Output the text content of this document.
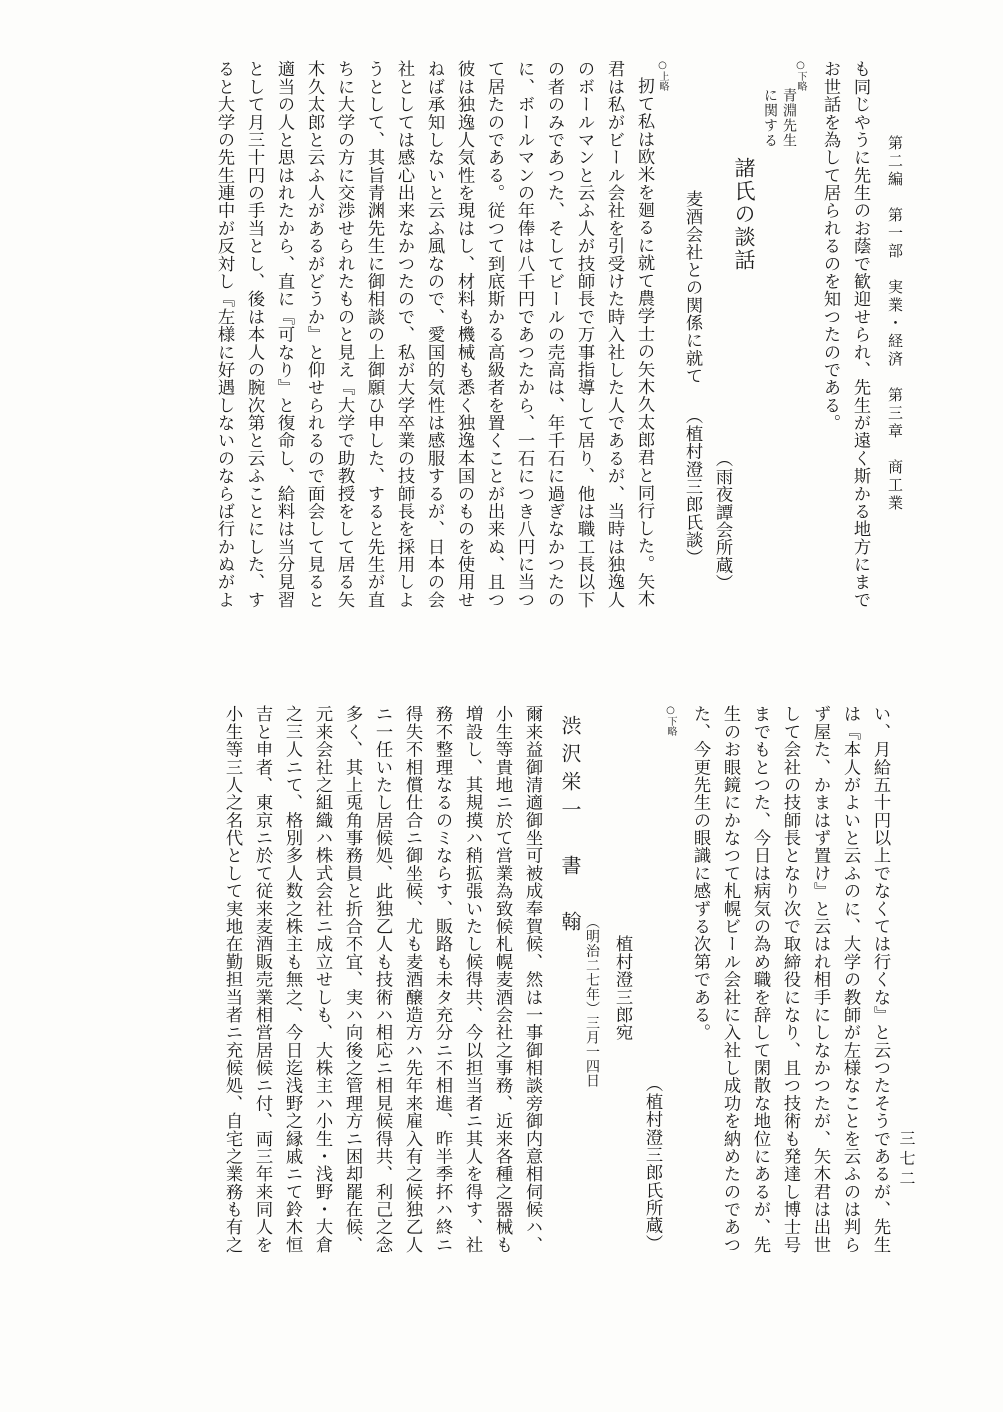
第二編　第一部　実業・経済　第三章　商工業
も同じやうに先生のお蔭で歓迎せられ、先生が遠く斯かる地方にまで
お世話を為して居られるのを知つたのである。
○下略
青淵先生
に関する
諸氏の談話
（雨夜譚会所蔵）
麦酒会社との関係に就て（植村澄三郎氏談）
○上略
扨て私は欧米を廻るに就て農学士の矢木久太郎君と同行した。矢木
君は私がビール会社を引受けた時入社した人であるが、当時は独逸人
のボールマンと云ふ人が技師長で万事指導して居り、他は職工長以下
の者のみであつた、そしてビールの売高は、年千石に過ぎなかつたの
に、ボールマンの年俸は八千円であつたから、一石につき八円に当つ
て居たのである。従つて到底斯かる高級者を置くことが出来ぬ、且つ
彼は独逸人気性を現はし、材料も機械も悉く独逸本国のものを使用せ
ねば承知しないと云ふ風なので、愛国的気性は感服するが、日本の会
社としては感心出来なかつたので、私が大学卒業の技師長を採用しよ
うとして、其旨青渊先生に御相談の上御願ひ申した、すると先生が直
ちに大学の方に交渉せられたものと見え『大学で助教授をして居る矢
木久太郎と云ふ人があるがどうか』と仰せられるので面会して見ると
適当の人と思はれたから、直に『可なり』と復命し、給料は当分見習
として月三十円の手当とし、後は本人の腕次第と云ふことにした、す
ると大学の先生連中が反対し『左様に好遇しないのならば行かぬがよ
三七二
い、月給五十円以上でなくては行くな』と云つたそうであるが、先生
は『本人がよいと云ふのに、大学の教師が左様なことを云ふのは判ら
ず屋た、かまはず置け』と云はれ相手にしなかつたが、矢木君は出世
して会社の技師長となり次で取締役になり、且つ技術も発達し博士号
までもとつた、今日は病気の為め職を辞して閑散な地位にあるが、先
生のお眼鏡にかなつて札幌ビール会社に入社し成功を納めたのであつ
た、今更先生の眼識に感ずる次第である。
○下略
（植村澄三郎氏所蔵）
植村澄三郎宛
（明治二七年）三月一四日
渋沢栄一　書　翰
爾来益御清適御坐可被成奉賀候、然は一事御相談旁御内意相伺候ハ、
小生等貴地ニ於て営業為致候札幌麦酒会社之事務、近来各種之器械も
増設し、其規摸ハ稍拡張いたし候得共、今以担当者ニ其人を得す、社
務不整理なるのミならす、販路も未タ充分ニ不相進、昨半季抔ハ終ニ
得失不相償仕合ニ御坐候、尤も麦酒醸造方ハ先年来雇入有之候独乙人
ニ一任いたし居候処、此独乙人も技術ハ相応ニ相見候得共、利己之念
多く、其上兎角事務員と折合不宜、実ハ向後之管理方ニ困却罷在候、
元来会社之組織ハ株式会社ニ成立せしも、大株主ハ小生・浅野・大倉
之三人ニて、格別多人数之株主も無之、今日迄浅野之縁戚ニて鈴木恒
吉と申者、東京ニ於て従来麦酒販売業相営居候ニ付、両三年来同人を
小生等三人之名代として実地在勤担当者ニ充候処、自宅之業務も有之
